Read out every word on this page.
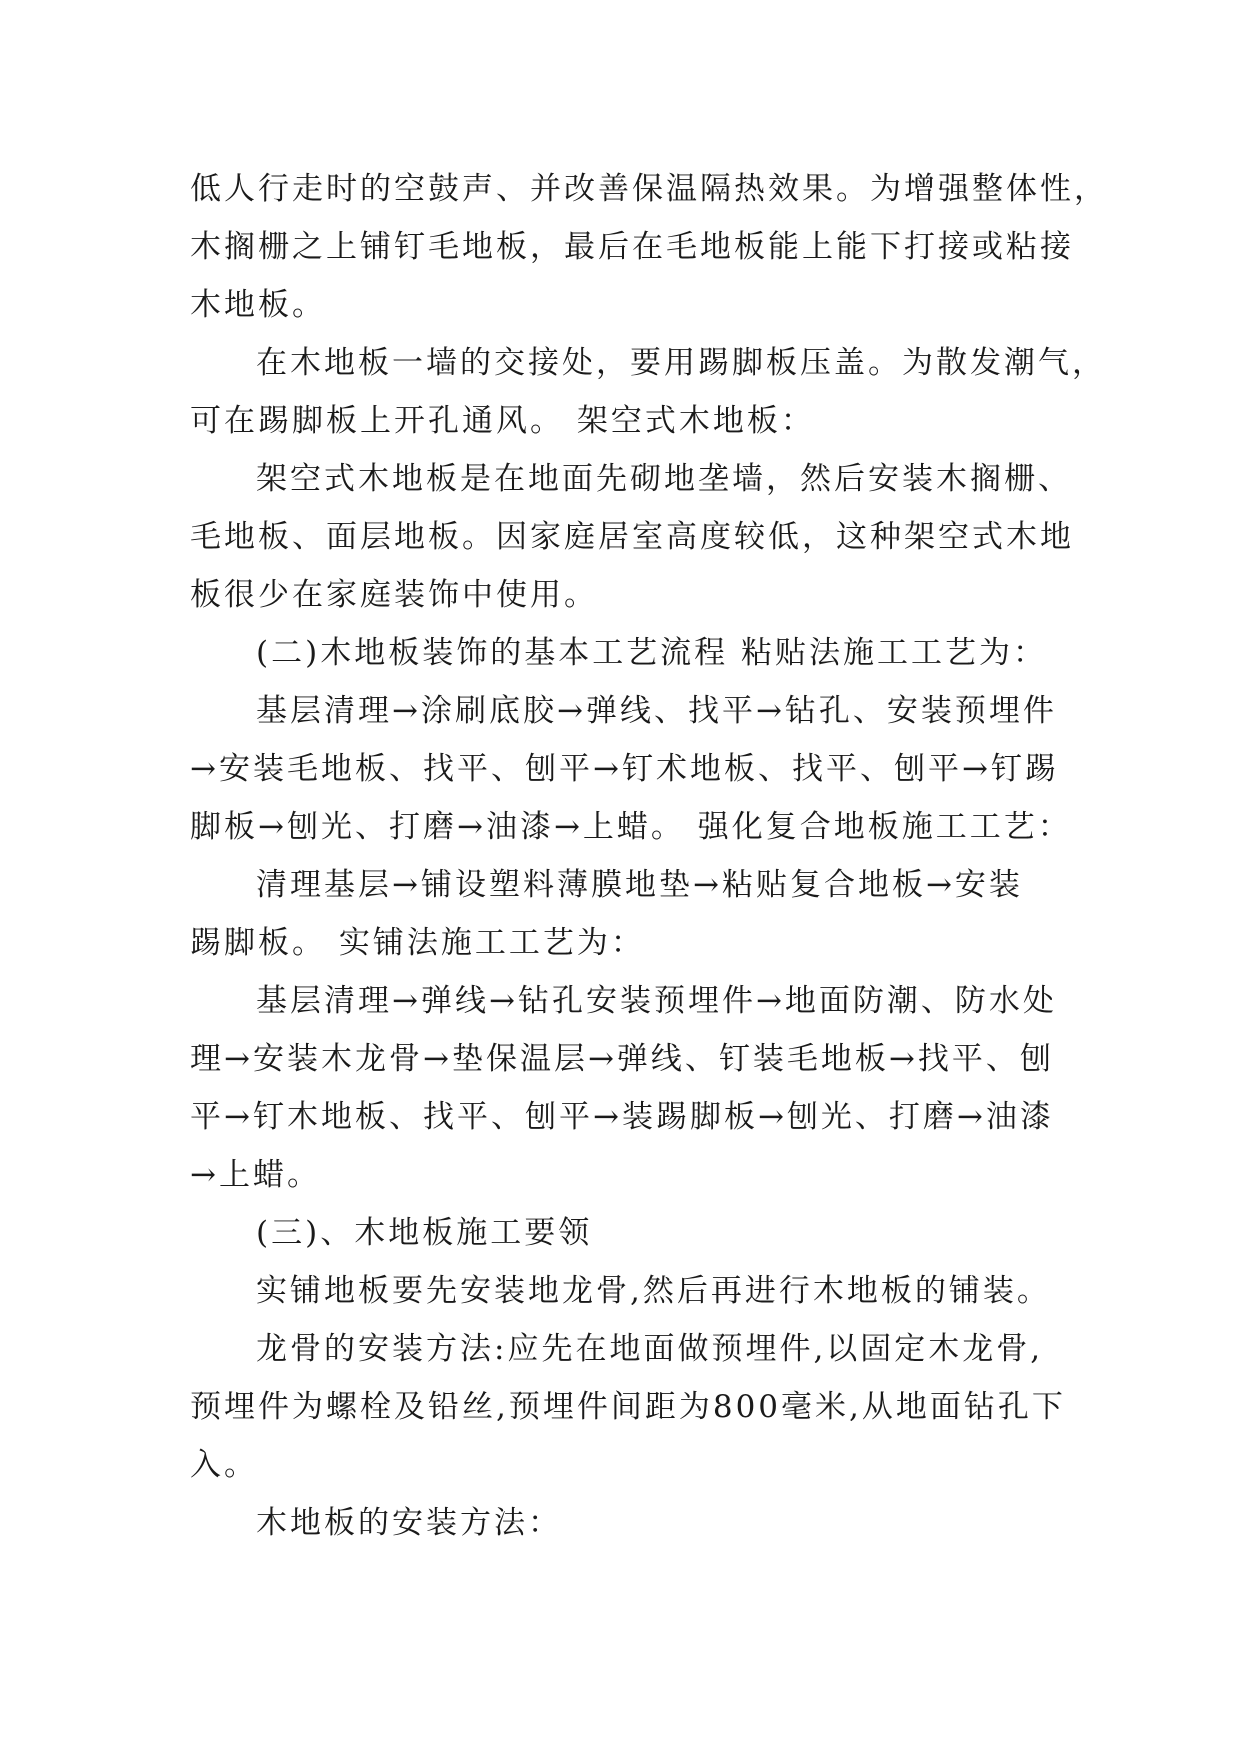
低人行走时的空鼓声、并改善保温隔热效果。为增强整体性，
木搁栅之上铺钉毛地板，最后在毛地板能上能下打接或粘接
木地板。
在木地板一墙的交接处，要用踢脚板压盖。为散发潮气，
可在踢脚板上开孔通风。 架空式木地板：
架空式木地板是在地面先砌地垄墙，然后安装木搁栅、
毛地板、面层地板。因家庭居室高度较低，这种架空式木地
板很少在家庭装饰中使用。
(二)木地板装饰的基本工艺流程 粘贴法施工工艺为：
基层清理→涂刷底胶→弹线、找平→钻孔、安装预埋件
→安装毛地板、找平、刨平→钉术地板、找平、刨平→钉踢
脚板→刨光、打磨→油漆→上蜡。 强化复合地板施工工艺：
清理基层→铺设塑料薄膜地垫→粘贴复合地板→安装
踢脚板。 实铺法施工工艺为：
基层清理→弹线→钻孔安装预埋件→地面防潮、防水处
理→安装木龙骨→垫保温层→弹线、钉装毛地板→找平、刨
平→钉木地板、找平、刨平→装踢脚板→刨光、打磨→油漆
→上蜡。
(三)、木地板施工要领
实铺地板要先安装地龙骨,然后再进行木地板的铺装。
龙骨的安装方法:应先在地面做预埋件,以固定木龙骨,
预埋件为螺栓及铅丝,预埋件间距为800毫米,从地面钻孔下
入。
木地板的安装方法：
